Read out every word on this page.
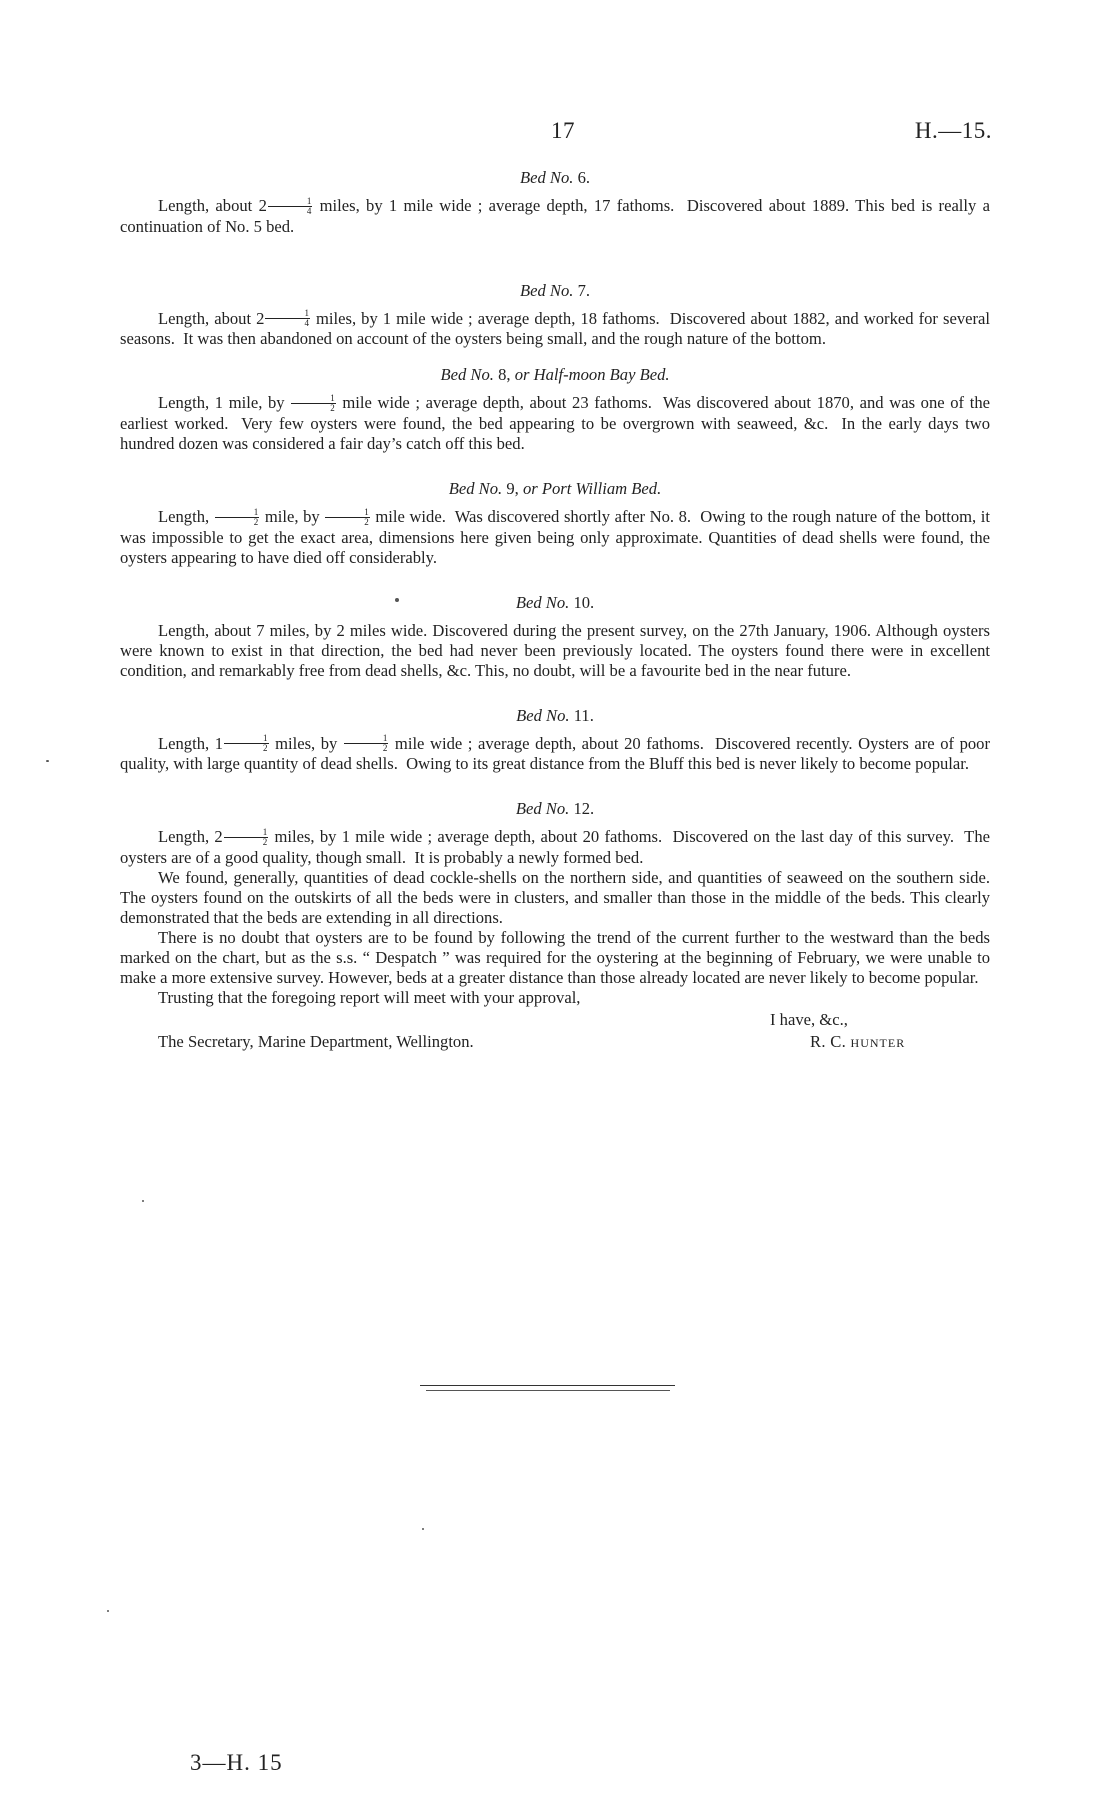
17	H.—15.

Bed No. 6.

Length, about $2 \frac{1}{4}$ miles, by 1 mile wide ; average depth, 17 fathoms.  Discovered about 1889. This bed is really a continuation of No. 5 bed.

Bed No. 7.

Length, about $2 \frac{1}{4}$ miles, by 1 mile wide ; average depth, 18 fathoms.  Discovered about 1882, and worked for several seasons.  It was then abandoned on account of the oysters being small, and the rough nature of the bottom.

Bed No. 8, or Half-moon Bay Bed.

Length, 1 mile, by $\frac{1}{2}$ mile wide ; average depth, about 23 fathoms.  Was discovered about 1870, and was one of the earliest worked.  Very few oysters were found, the bed appearing to be overgrown with seaweed, &c.  In the early days two hundred dozen was considered a fair day’s catch off this bed.

Bed No. 9, or Port William Bed.

Length, $\frac{1}{2}$ mile, by $\frac{1}{2}$ mile wide.  Was discovered shortly after No. 8.  Owing to the rough nature of the bottom, it was impossible to get the exact area, dimensions here given being only approximate. Quantities of dead shells were found, the oysters appearing to have died off considerably.

Bed No. 10.

Length, about 7 miles, by 2 miles wide. Discovered during the present survey, on the 27th January, 1906. Although oysters were known to exist in that direction, the bed had never been previously located. The oysters found there were in excellent condition, and remarkably free from dead shells, &c. This, no doubt, will be a favourite bed in the near future.

Bed No. 11.

Length, $1 \frac{1}{2}$ miles, by $\frac{1}{2}$ mile wide ; average depth, about 20 fathoms.  Discovered recently. Oysters are of poor quality, with large quantity of dead shells.  Owing to its great distance from the Bluff this bed is never likely to become popular.

Bed No. 12.

Length, $2 \frac{1}{2}$ miles, by 1 mile wide ; average depth, about 20 fathoms.  Discovered on the last day of this survey.  The oysters are of a good quality, though small.  It is probably a newly formed bed.

We found, generally, quantities of dead cockle-shells on the northern side, and quantities of seaweed on the southern side. The oysters found on the outskirts of all the beds were in clusters, and smaller than those in the middle of the beds. This clearly demonstrated that the beds are extending in all directions.

There is no doubt that oysters are to be found by following the trend of the current further to the westward than the beds marked on the chart, but as the s.s. “ Despatch ” was required for the oystering at the beginning of February, we were unable to make a more extensive survey. However, beds at a greater distance than those already located are never likely to become popular.

Trusting that the foregoing report will meet with your approval,

I have, &c.,
R. C. HUNTER
The Secretary, Marine Department, Wellington.
3—H. 15
